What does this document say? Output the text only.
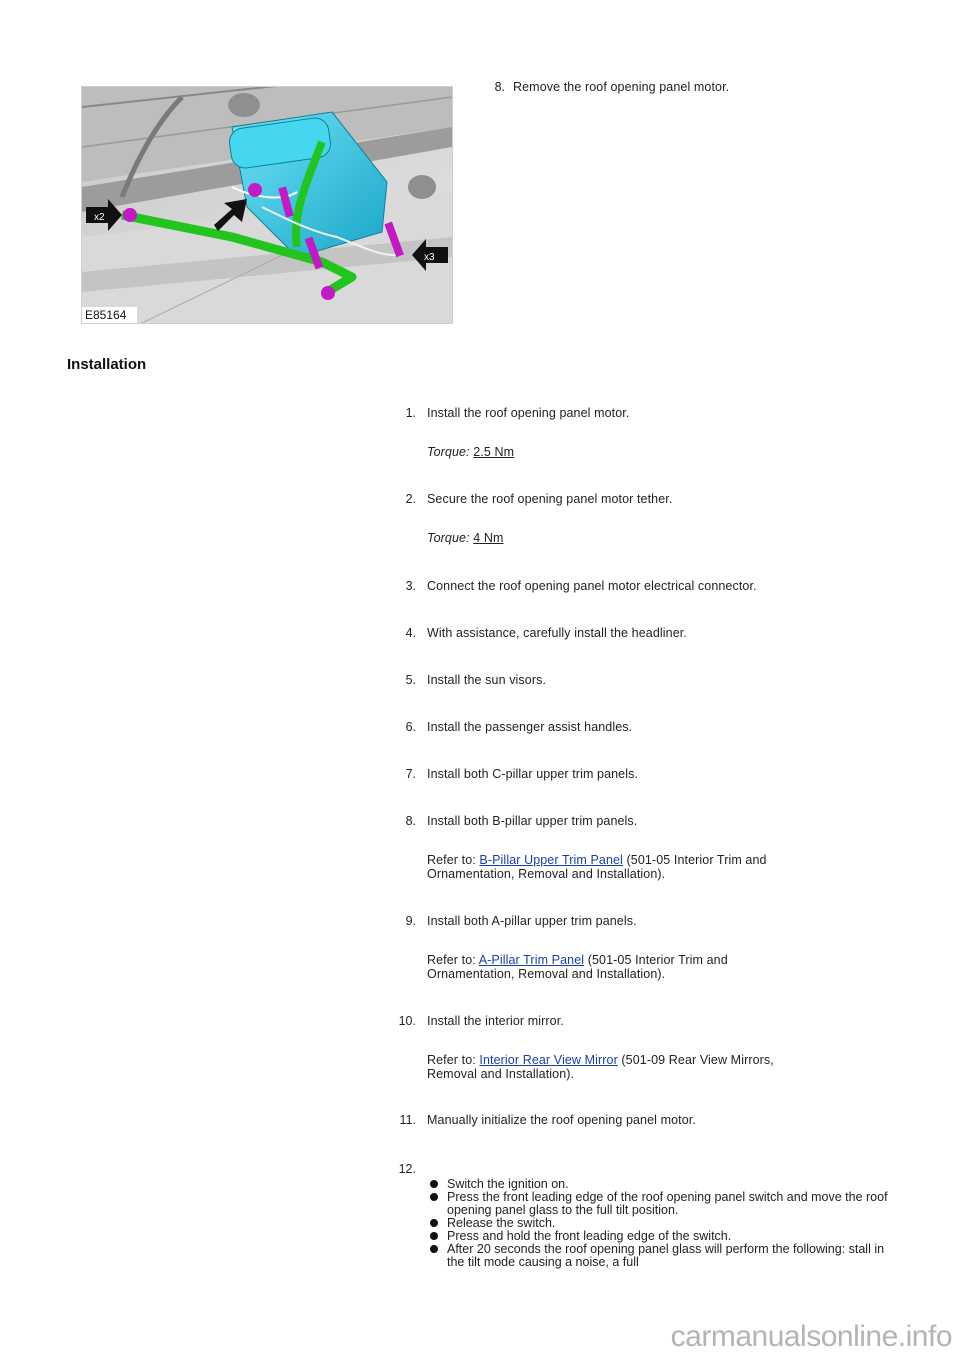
8. Remove the roof opening panel motor.
x2
x3
E85164
Installation
1. Install the roof opening panel motor.
Torque: 2.5 Nm
2. Secure the roof opening panel motor tether.
Torque: 4 Nm
3. Connect the roof opening panel motor electrical connector.
4. With assistance, carefully install the headliner.
5. Install the sun visors.
6. Install the passenger assist handles.
7. Install both C-pillar upper trim panels.
8. Install both B-pillar upper trim panels.
Refer to: B-Pillar Upper Trim Panel (501-05 Interior Trim and
Ornamentation, Removal and Installation).
9. Install both A-pillar upper trim panels.
Refer to: A-Pillar Trim Panel (501-05 Interior Trim and
Ornamentation, Removal and Installation).
10. Install the interior mirror.
Refer to: Interior Rear View Mirror (501-09 Rear View Mirrors,
Removal and Installation).
11. Manually initialize the roof opening panel motor.
12.
Switch the ignition on.
Press the front leading edge of the roof opening panel switch and move the roof opening panel glass to the full tilt position.
Release the switch.
Press and hold the front leading edge of the switch.
After 20 seconds the roof opening panel glass will perform the following: stall in the tilt mode causing a noise, a full
carmanualsonline.info
